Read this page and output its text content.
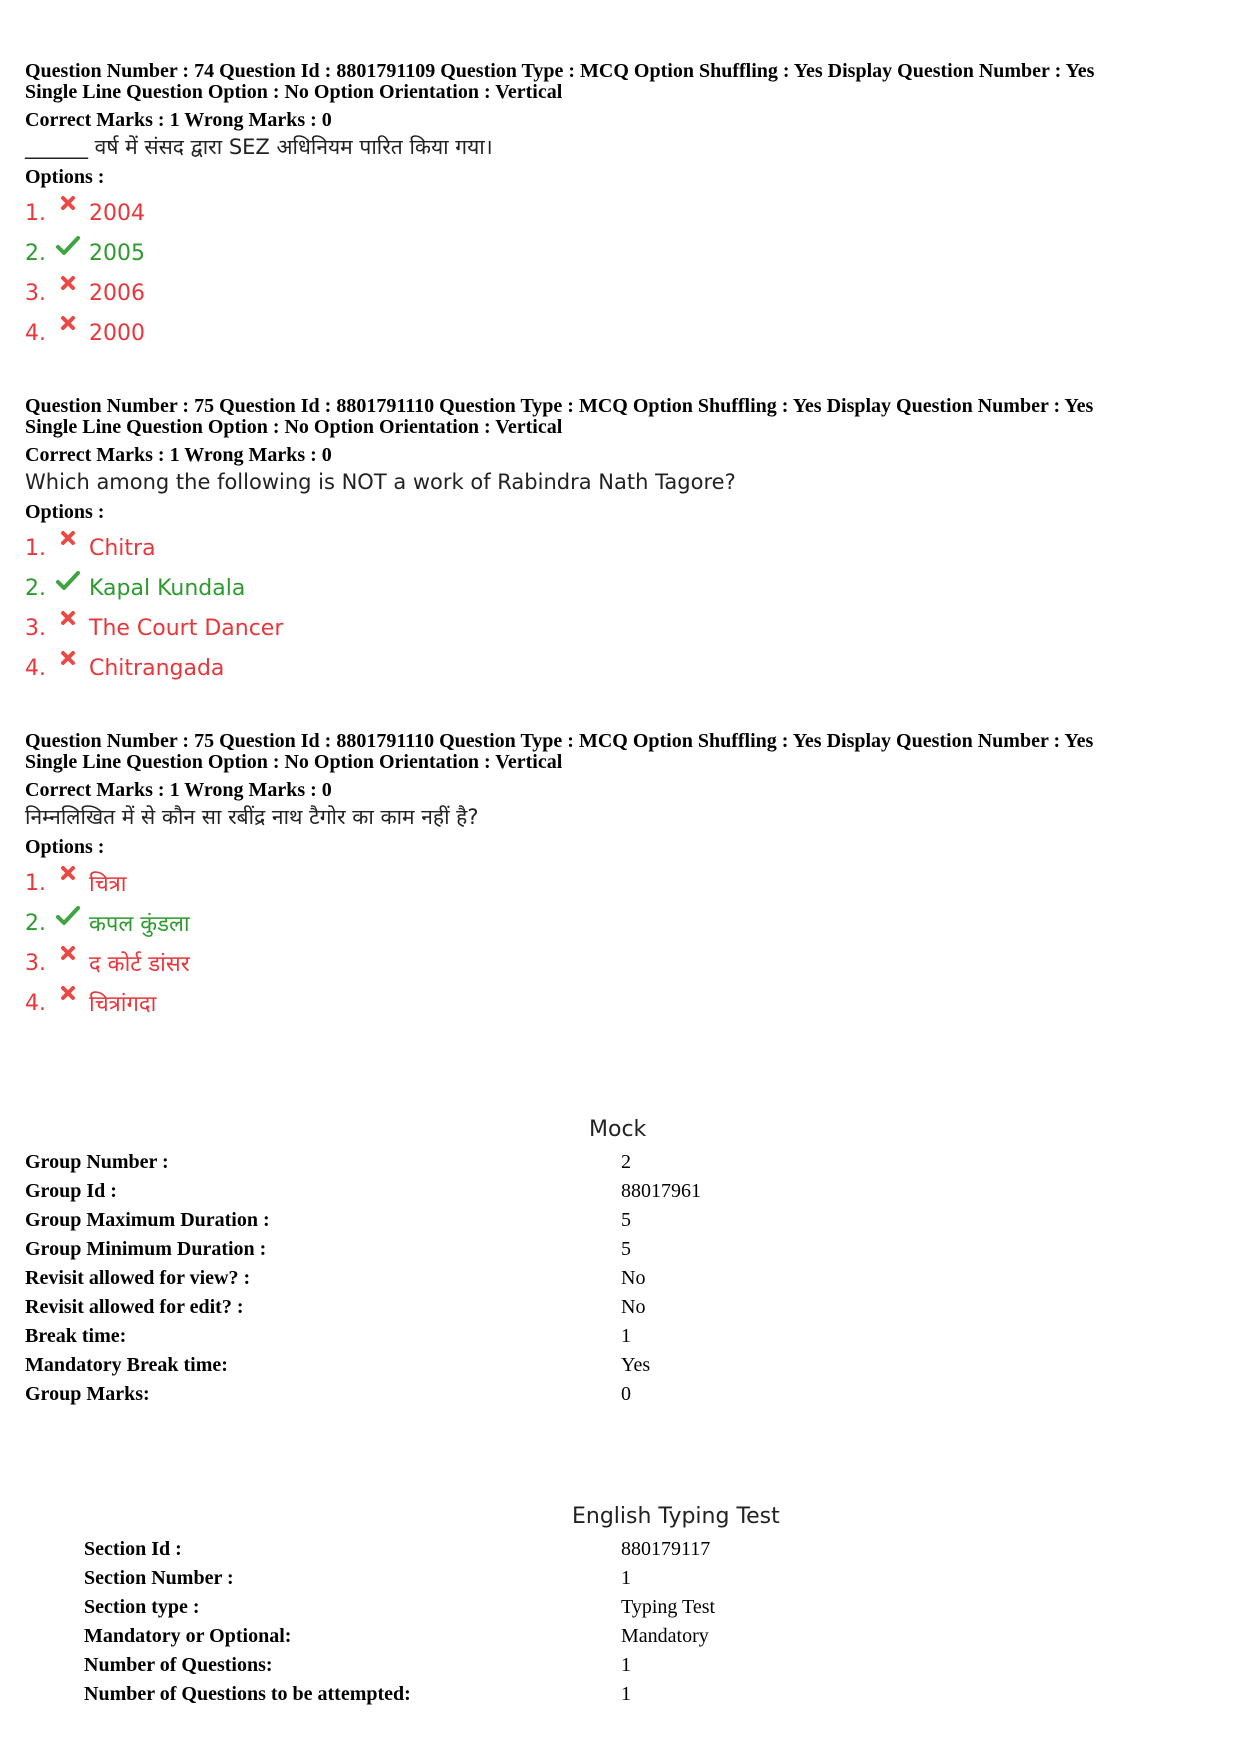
Question Number : 74 Question Id : 8801791109 Question Type : MCQ Option Shuffling : Yes Display Question Number : Yes
Single Line Question Option : No Option Orientation : Vertical
Correct Marks : 1 Wrong Marks : 0
______ वर्ष में संसद द्वारा SEZ अधिनियम पारित किया गया।
Options :
1.	2004
2.	2005
3.	2006
4.	2000
Question Number : 75 Question Id : 8801791110 Question Type : MCQ Option Shuffling : Yes Display Question Number : Yes
Single Line Question Option : No Option Orientation : Vertical
Correct Marks : 1 Wrong Marks : 0
Which among the following is NOT a work of Rabindra Nath Tagore?
Options :
1.	Chitra
2.	Kapal Kundala
3.	The Court Dancer
4.	Chitrangada
Question Number : 75 Question Id : 8801791110 Question Type : MCQ Option Shuffling : Yes Display Question Number : Yes
Single Line Question Option : No Option Orientation : Vertical
Correct Marks : 1 Wrong Marks : 0
निम्नलिखित में से कौन सा रबींद्र नाथ टैगोर का काम नहीं है?
Options :
1.	चित्रा
2.	कपल कुंडला
3.	द कोर्ट डांसर
4.	चित्रांगदा
Mock
Group Number :	2
Group Id :	88017961
Group Maximum Duration :	5
Group Minimum Duration :	5
Revisit allowed for view? :	No
Revisit allowed for edit? :	No
Break time:	1
Mandatory Break time:	Yes
Group Marks:	0
English Typing Test
Section Id :	880179117
Section Number :	1
Section type :	Typing Test
Mandatory or Optional:	Mandatory
Number of Questions:	1
Number of Questions to be attempted:	1
